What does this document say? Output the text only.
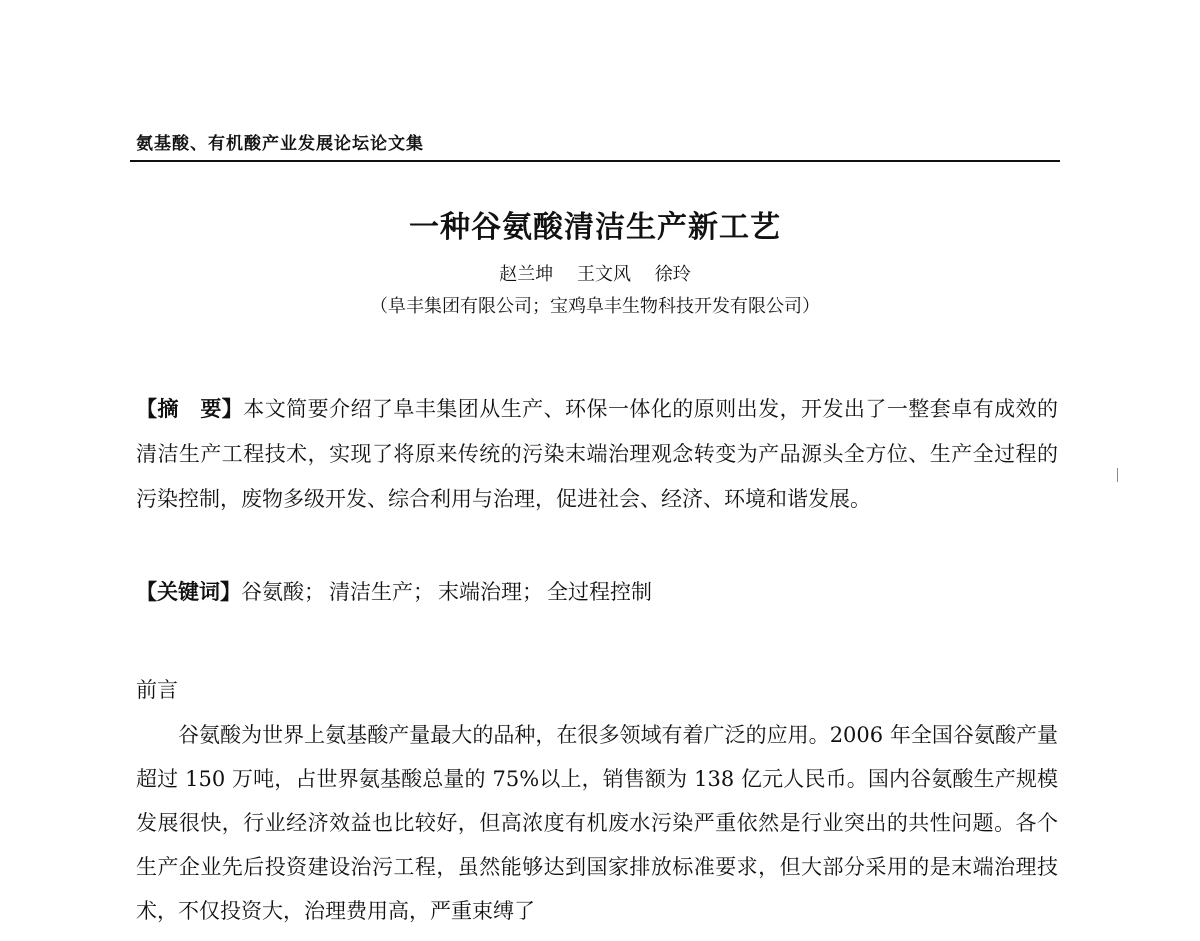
氨基酸、有机酸产业发展论坛论文集
一种谷氨酸清洁生产新工艺
赵兰坤 王文风 徐玲
（阜丰集团有限公司；宝鸡阜丰生物科技开发有限公司）

【摘　要】本文简要介绍了阜丰集团从生产、环保一体化的原则出发，开发出了一整套卓有成效的清洁生产工程技术，实现了将原来传统的污染末端治理观念转变为产品源头全方位、生产全过程的污染控制，废物多级开发、综合利用与治理，促进社会、经济、环境和谐发展。

【关键词】谷氨酸； 清洁生产； 末端治理； 全过程控制
前言

谷氨酸为世界上氨基酸产量最大的品种，在很多领域有着广泛的应用。2006 年全国谷氨酸产量超过 150 万吨，占世界氨基酸总量的 75%以上，销售额为 138 亿元人民币。国内谷氨酸生产规模发展很快，行业经济效益也比较好，但高浓度有机废水污染严重依然是行业突出的共性问题。各个生产企业先后投资建设治污工程，虽然能够达到国家排放标准要求，但大部分采用的是末端治理技术，不仅投资大，治理费用高，严重束缚了
